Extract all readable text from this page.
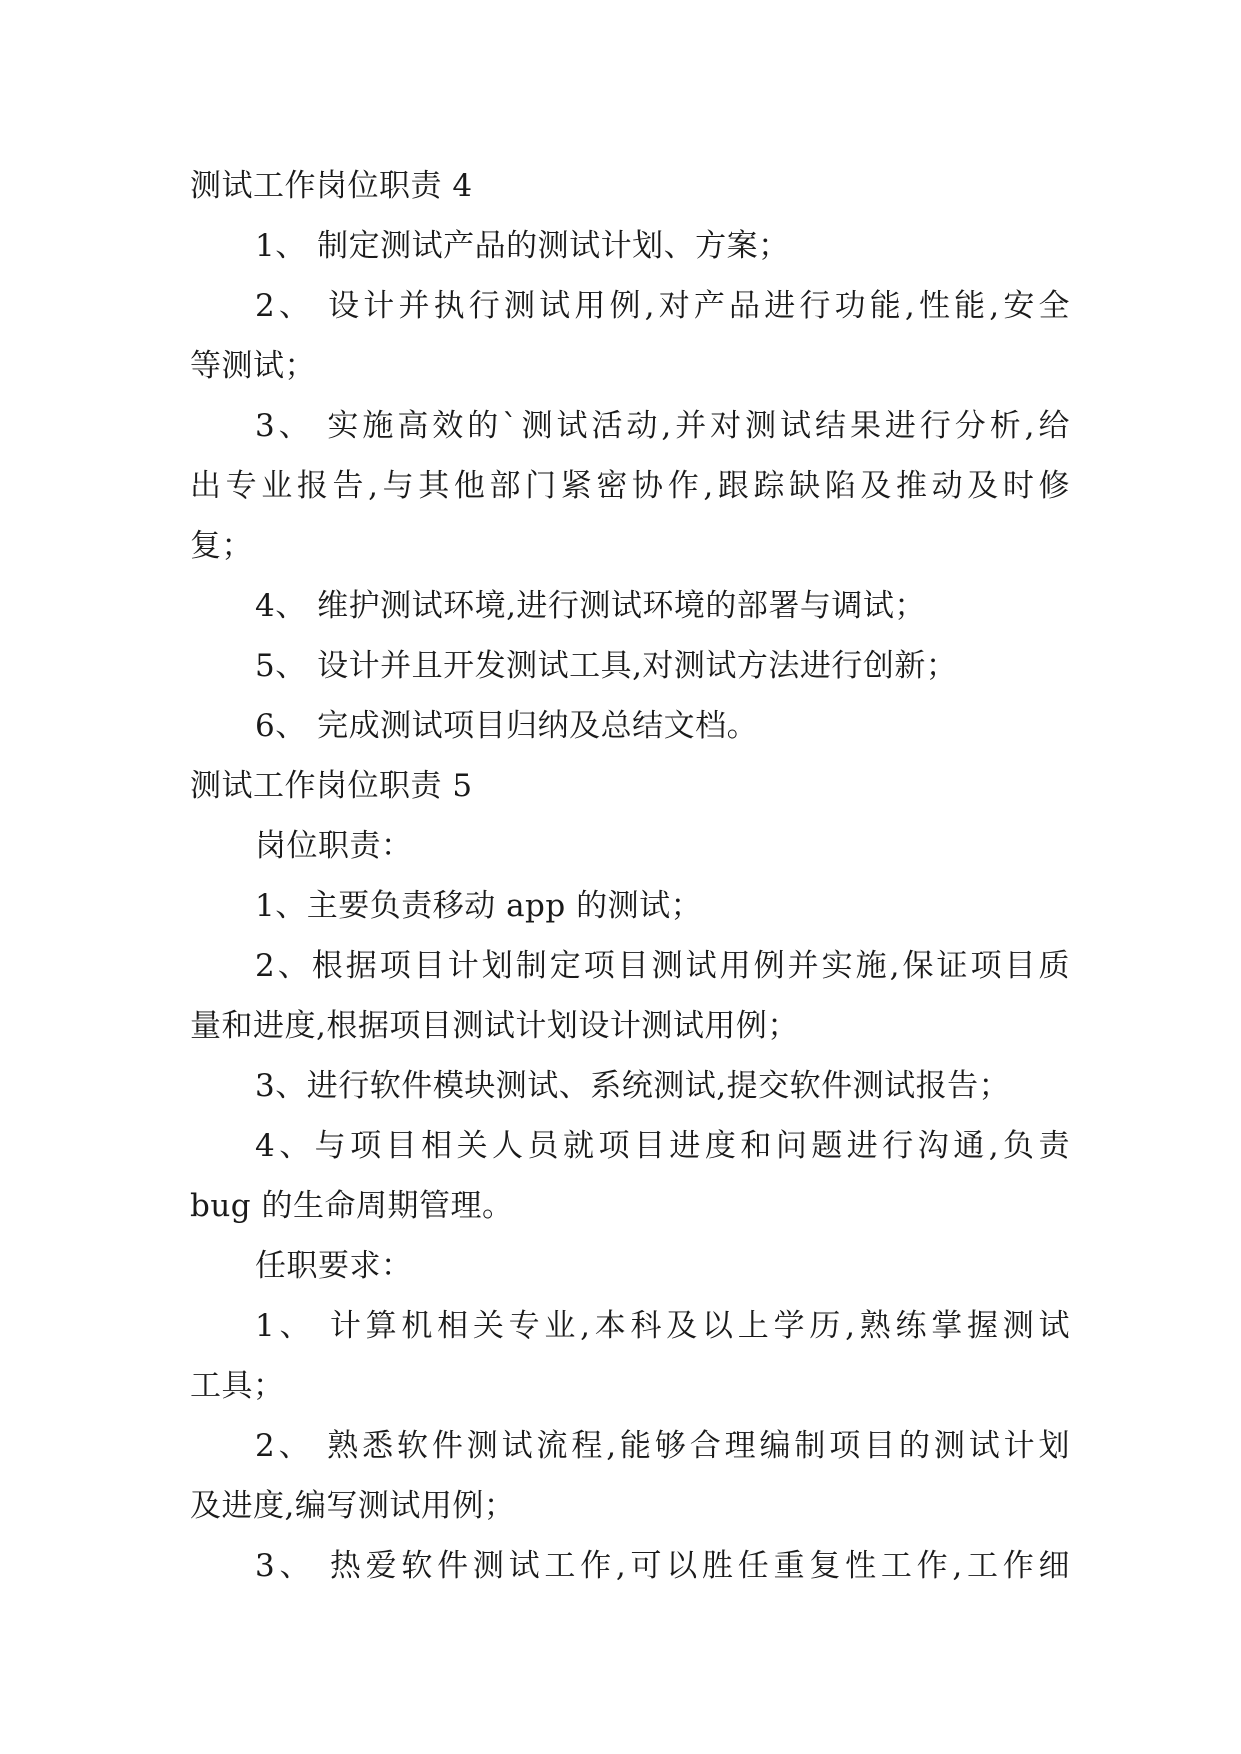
测试工作岗位职责 4
1、 制定测试产品的测试计划、方案；
2、 设计并执行测试用例,对产品进行功能,性能,安全
等测试；
3、 实施高效的`测试活动,并对测试结果进行分析,给
出专业报告,与其他部门紧密协作,跟踪缺陷及推动及时修
复；
4、 维护测试环境,进行测试环境的部署与调试；
5、 设计并且开发测试工具,对测试方法进行创新；
6、 完成测试项目归纳及总结文档。
测试工作岗位职责 5
岗位职责：
1、主要负责移动 app 的测试；
2、根据项目计划制定项目测试用例并实施,保证项目质
量和进度,根据项目测试计划设计测试用例；
3、进行软件模块测试、系统测试,提交软件测试报告；
4、与项目相关人员就项目进度和问题进行沟通,负责
bug 的生命周期管理。
任职要求：
1、 计算机相关专业,本科及以上学历,熟练掌握测试
工具；
2、 熟悉软件测试流程,能够合理编制项目的测试计划
及进度,编写测试用例；
3、 热爱软件测试工作,可以胜任重复性工作,工作细
